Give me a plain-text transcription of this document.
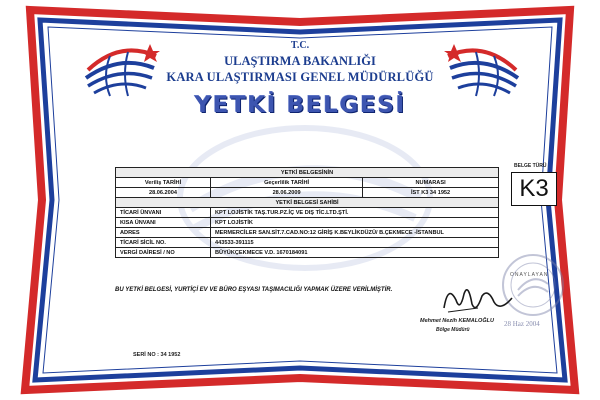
T.C.
ULAŞTIRMA BAKANLIĞI
KARA ULAŞTIRMASI GENEL MÜDÜRLÜĞÜ
YETKİ BELGESİ
YETKİ BELGESİNİN		
Veriliş TARİHİ	Geçerlilik TARİHİ	NUMARASI
28.06.2004	28.06.2009	İST K3 34 1952
YETKİ BELGESİ SAHİBİ		
TİCARİ ÜNVANI	KPT LOJİSTİK TAŞ.TUR.PZ.İÇ VE DIŞ TİC.LTD.ŞTİ.	
KISA ÜNVANI	KPT LOJİSTİK	
ADRES	MERMERCİLER SAN.SİT.7.CAD.NO:12 GİRİŞ K.BEYLİKDÜZÜ/ B.ÇEKMECE -İSTANBUL	
TİCARİ SİCİL NO.	443533-391115	
VERGİ DAİRESİ / NO	BÜYÜKÇEKMECE V.D. 1670184091	
BELGE TÜRÜ
K3
ONAYLAYAN
BU YETKİ BELGESİ, YURTİÇİ EV VE BÜRO EŞYASI TAŞIMACILIĞI YAPMAK ÜZERE VERİLMİŞTİR.
Mehmet Nezih KEMALOĞLU
Bölge Müdürü
28 Haz 2004
SERİ NO : 34 1952
